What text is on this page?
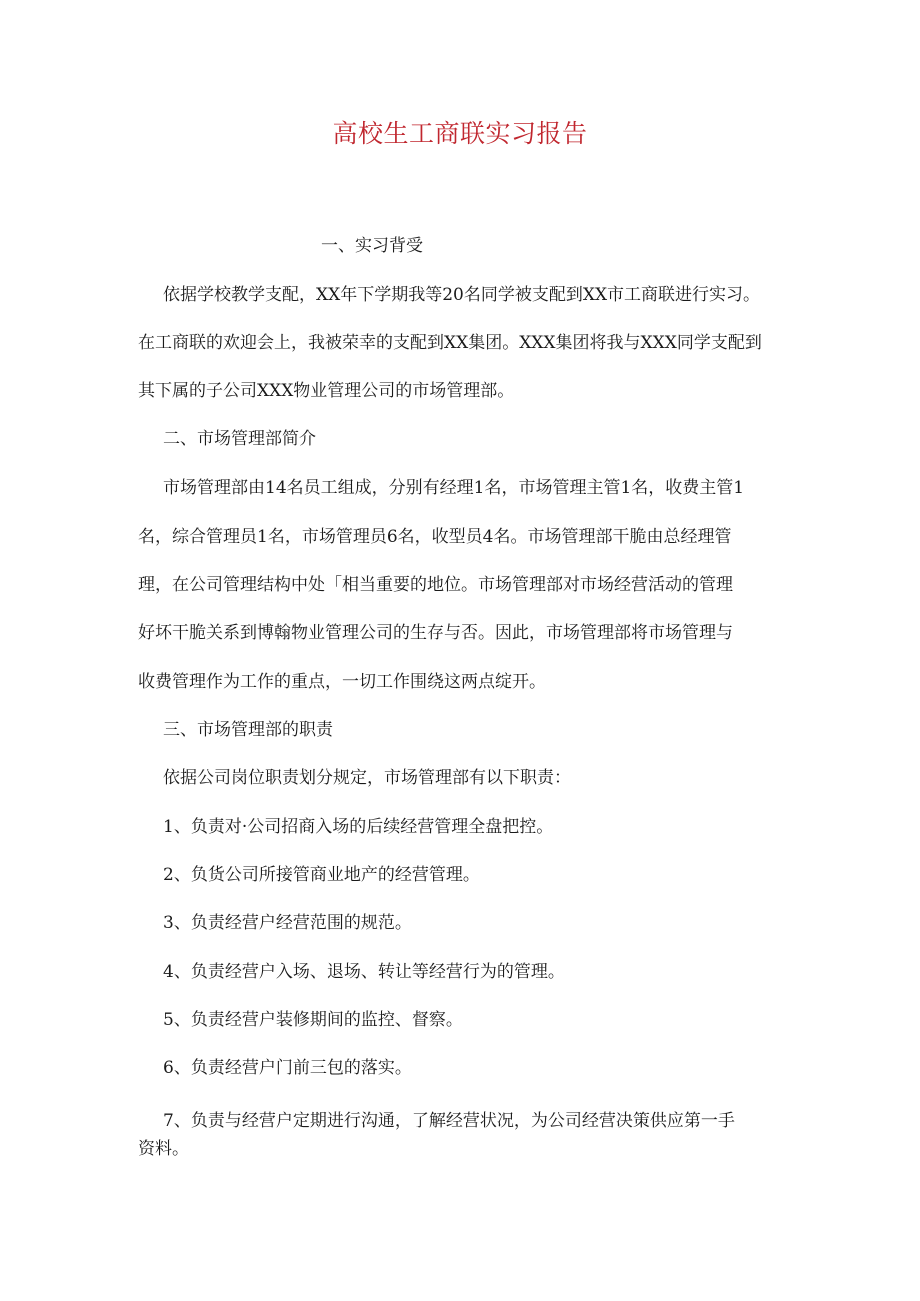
高校生工商联实习报告
一、实习背受
依据学校教学支配，XX年下学期我等20名同学被支配到XX市工商联进行实习。
在工商联的欢迎会上，我被荣幸的支配到XX集团。XXX集团将我与XXX同学支配到
其下属的子公司XXX物业管理公司的市场管理部。
二、市场管理部简介
市场管理部由14名员工组成，分别有经理1名，市场管理主管1名，收费主管1
名，综合管理员1名，市场管理员6名，收型员4名。市场管理部干脆由总经理管
理，在公司管理结构中处「相当重要的地位。市场管理部对市场经营活动的管理
好坏干脆关系到博翰物业管理公司的生存与否。因此，市场管理部将市场管理与
收费管理作为工作的重点，一切工作围绕这两点绽开。
三、市场管理部的职责
依据公司岗位职责划分规定，市场管理部有以下职责：
1、负责对·公司招商入场的后续经营管理全盘把控。
2、负货公司所接管商业地产的经营管理。
3、负责经营户经营范围的规范。
4、负责经营户入场、退场、转让等经营行为的管理。
5、负责经营户装修期间的监控、督察。
6、负责经营户门前三包的落实。
7、负责与经营户定期进行沟通，了解经营状况，为公司经营决策供应第一手
资料。
